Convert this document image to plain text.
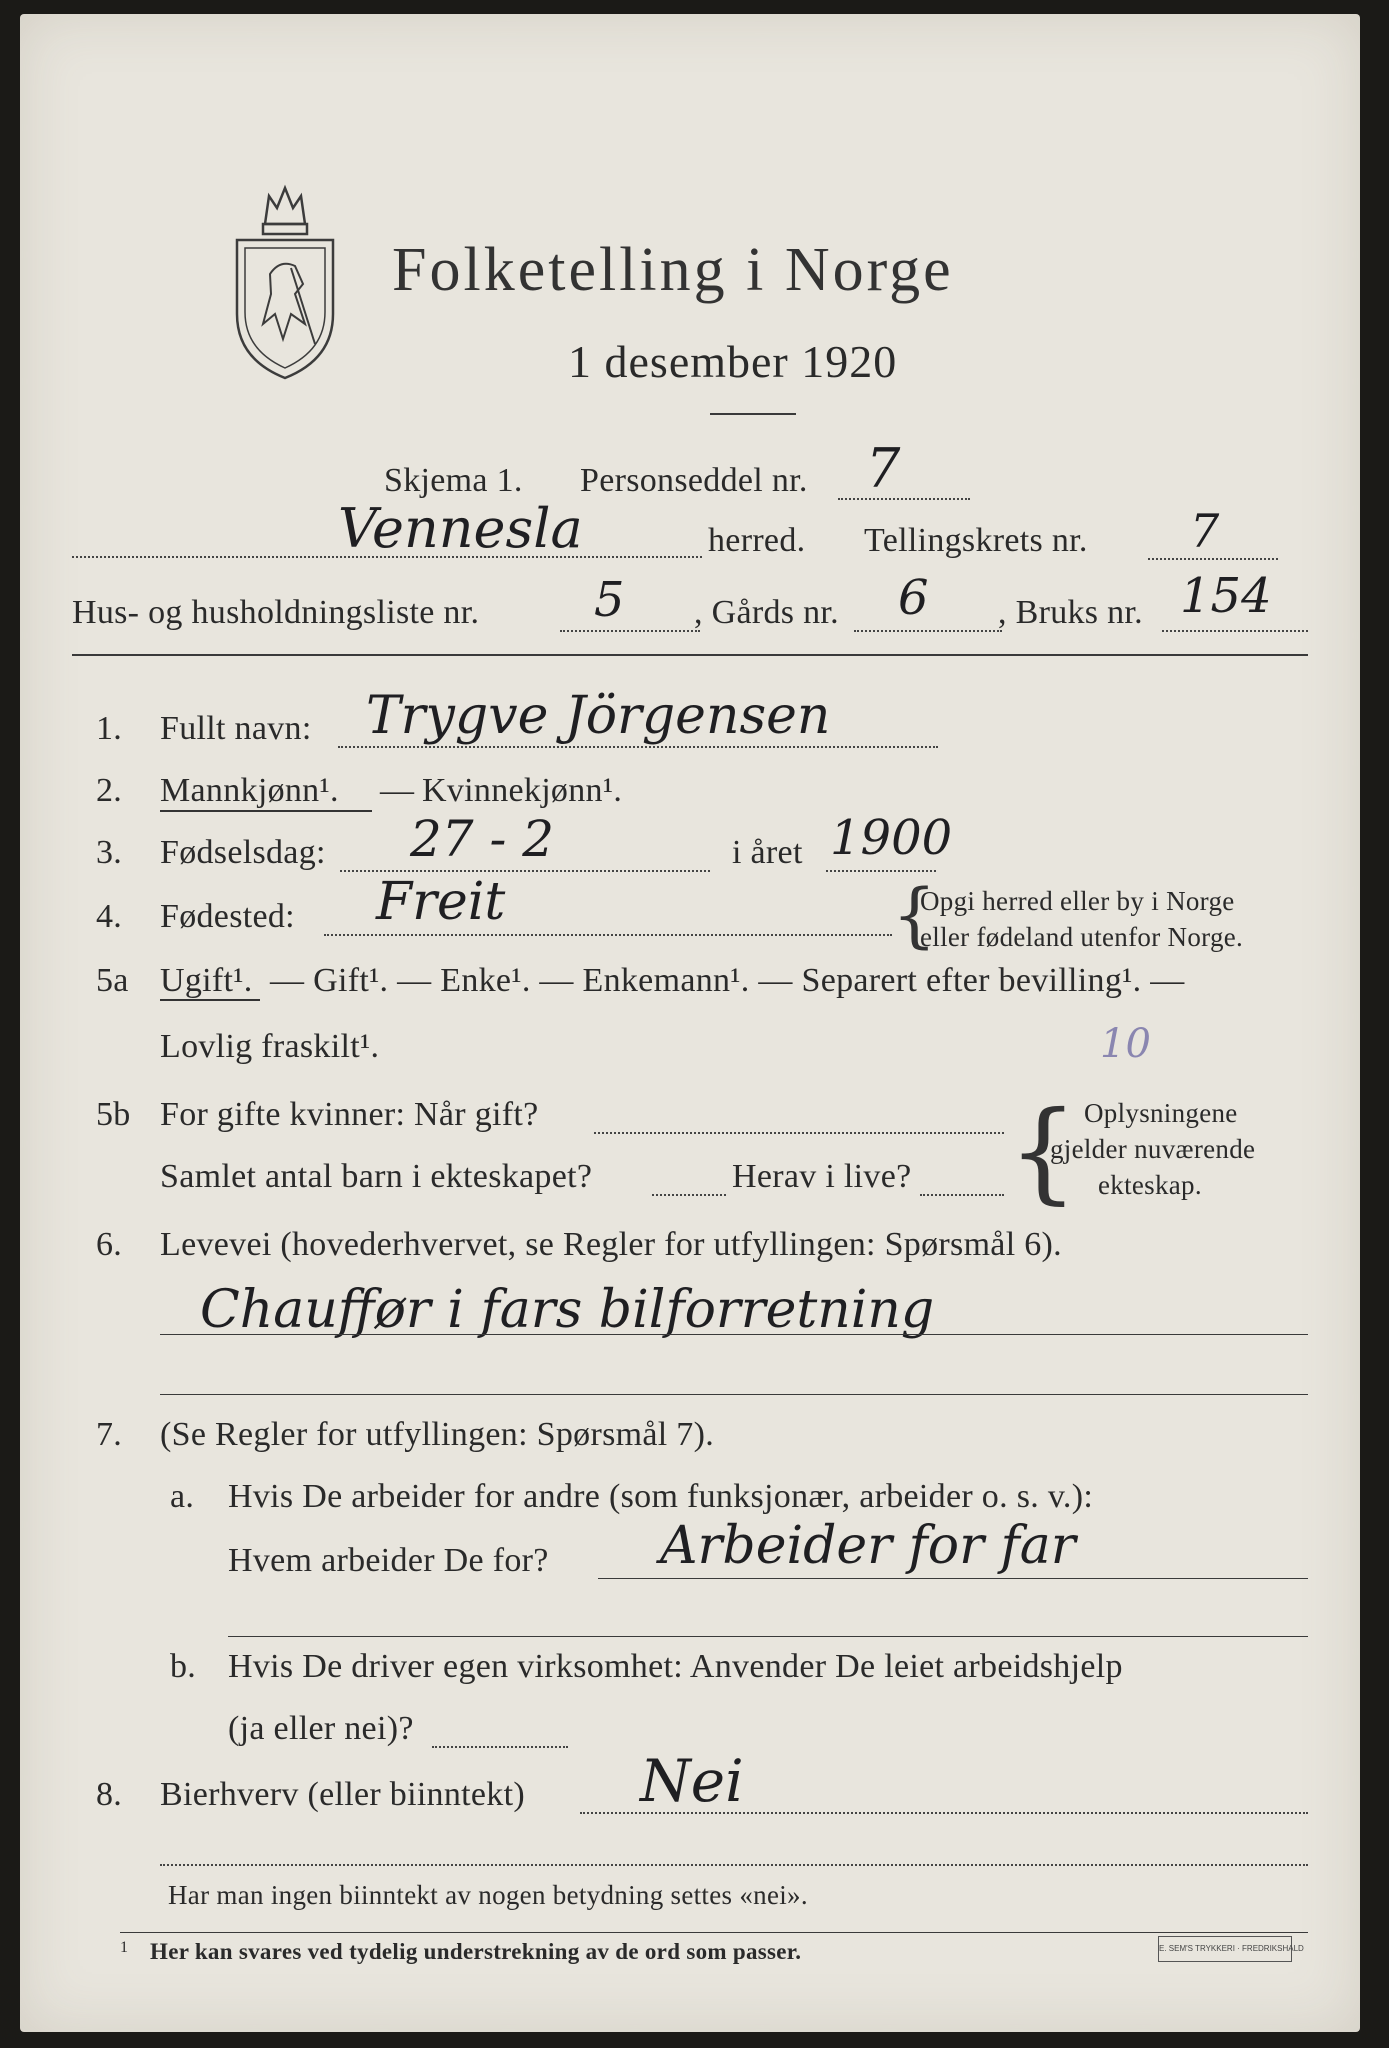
Folketelling i Norge
1 desember 1920
Skjema 1. Personseddel nr. 7
Vennesla	herred. Tellingskrets nr. 7
Hus- og husholdningsliste nr. 5 , Gårds nr. 6 , Bruks nr. 154
1. Fullt navn: Trygve Jörgensen
2. Mannkjønn¹. — Kvinnekjønn¹.
3. Fødselsdag: 27 - 2	i året 1900
4. Fødested: Freit	{
Opgi herred eller by i Norge
eller fødeland utenfor Norge.
5a Ugift¹. — Gift¹. — Enke¹. — Enkemann¹. — Separert efter bevilling¹. —
Lovlig fraskilt¹.	10
5b For gifte kvinner: Når gift?
Samlet antal barn i ekteskapet?	Herav i live? { Oplysningene
gjelder nuværende
ekteskap.
6. Levevei (hovederhvervet, se Regler for utfyllingen: Spørsmål 6).
Chauffør i fars bilforretning
7. (Se Regler for utfyllingen: Spørsmål 7).
a. Hvis De arbeider for andre (som funksjonær, arbeider o. s. v.):
Hvem arbeider De for? Arbeider for far
b. Hvis De driver egen virksomhet: Anvender De leiet arbeidshjelp
(ja eller nei)?
8. Bierhverv (eller biinntekt) Nei
Har man ingen biinntekt av nogen betydning settes «nei».
1 Her kan svares ved tydelig understrekning av de ord som passer.	E. SEM'S TRYKKERI · FREDRIKSHALD
